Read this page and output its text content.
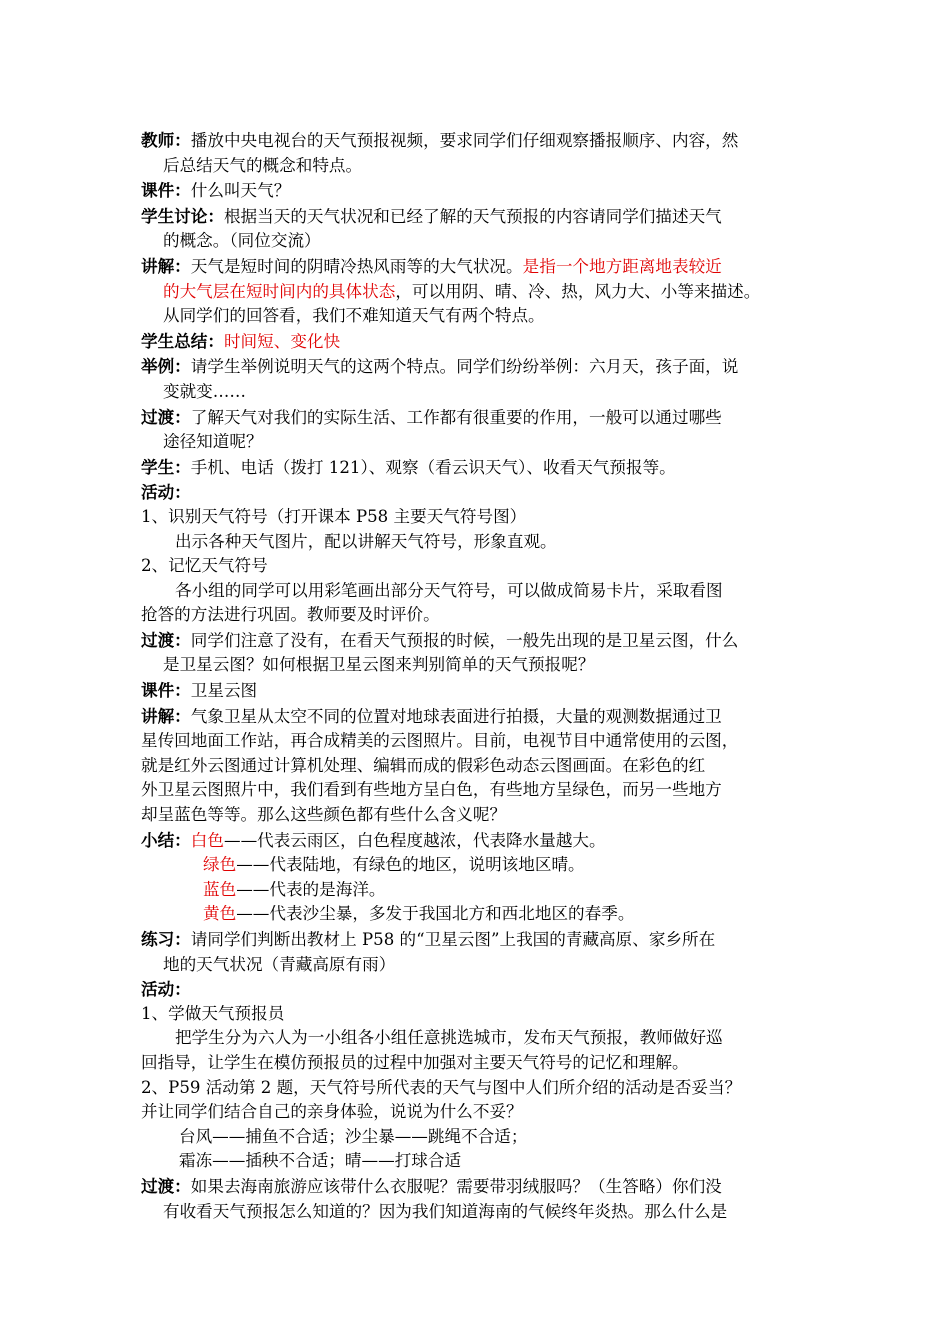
教师：播放中央电视台的天气预报视频，要求同学们仔细观察播报顺序、内容，然
后总结天气的概念和特点。
课件：什么叫天气？
学生讨论：根据当天的天气状况和已经了解的天气预报的内容请同学们描述天气
的概念。（同位交流）
讲解：天气是短时间的阴晴冷热风雨等的大气状况。是指一个地方距离地表较近
的大气层在短时间内的具体状态，可以用阴、晴、冷、热，风力大、小等来描述。
从同学们的回答看，我们不难知道天气有两个特点。
学生总结：时间短、变化快
举例：请学生举例说明天气的这两个特点。同学们纷纷举例：六月天，孩子面，说
变就变……
过渡：了解天气对我们的实际生活、工作都有很重要的作用，一般可以通过哪些
途径知道呢？
学生：手机、电话（拨打 121）、观察（看云识天气）、收看天气预报等。
活动：
1、识别天气符号（打开课本 P58 主要天气符号图）
出示各种天气图片，配以讲解天气符号，形象直观。
2、记忆天气符号
各小组的同学可以用彩笔画出部分天气符号，可以做成简易卡片，采取看图
抢答的方法进行巩固。教师要及时评价。
过渡：同学们注意了没有，在看天气预报的时候，一般先出现的是卫星云图，什么
是卫星云图？如何根据卫星云图来判别简单的天气预报呢？
课件：卫星云图
讲解：气象卫星从太空不同的位置对地球表面进行拍摄，大量的观测数据通过卫
星传回地面工作站，再合成精美的云图照片。目前，电视节目中通常使用的云图，
就是红外云图通过计算机处理、编辑而成的假彩色动态云图画面。在彩色的红
外卫星云图照片中，我们看到有些地方呈白色，有些地方呈绿色，而另一些地方
却呈蓝色等等。那么这些颜色都有些什么含义呢？
小结：白色——代表云雨区，白色程度越浓，代表降水量越大。
绿色——代表陆地，有绿色的地区，说明该地区晴。
蓝色——代表的是海洋。
黄色——代表沙尘暴，多发于我国北方和西北地区的春季。
练习：请同学们判断出教材上 P58 的“卫星云图”上我国的青藏高原、家乡所在
地的天气状况（青藏高原有雨）
活动：
1、学做天气预报员
把学生分为六人为一小组各小组任意挑选城市，发布天气预报，教师做好巡
回指导，让学生在模仿预报员的过程中加强对主要天气符号的记忆和理解。
2、P59 活动第 2 题，天气符号所代表的天气与图中人们所介绍的活动是否妥当？
并让同学们结合自己的亲身体验，说说为什么不妥？
台风——捕鱼不合适；沙尘暴——跳绳不合适；
霜冻——插秧不合适；晴——打球合适
过渡：如果去海南旅游应该带什么衣服呢？需要带羽绒服吗？（生答略）你们没
有收看天气预报怎么知道的？因为我们知道海南的气候终年炎热。那么什么是
